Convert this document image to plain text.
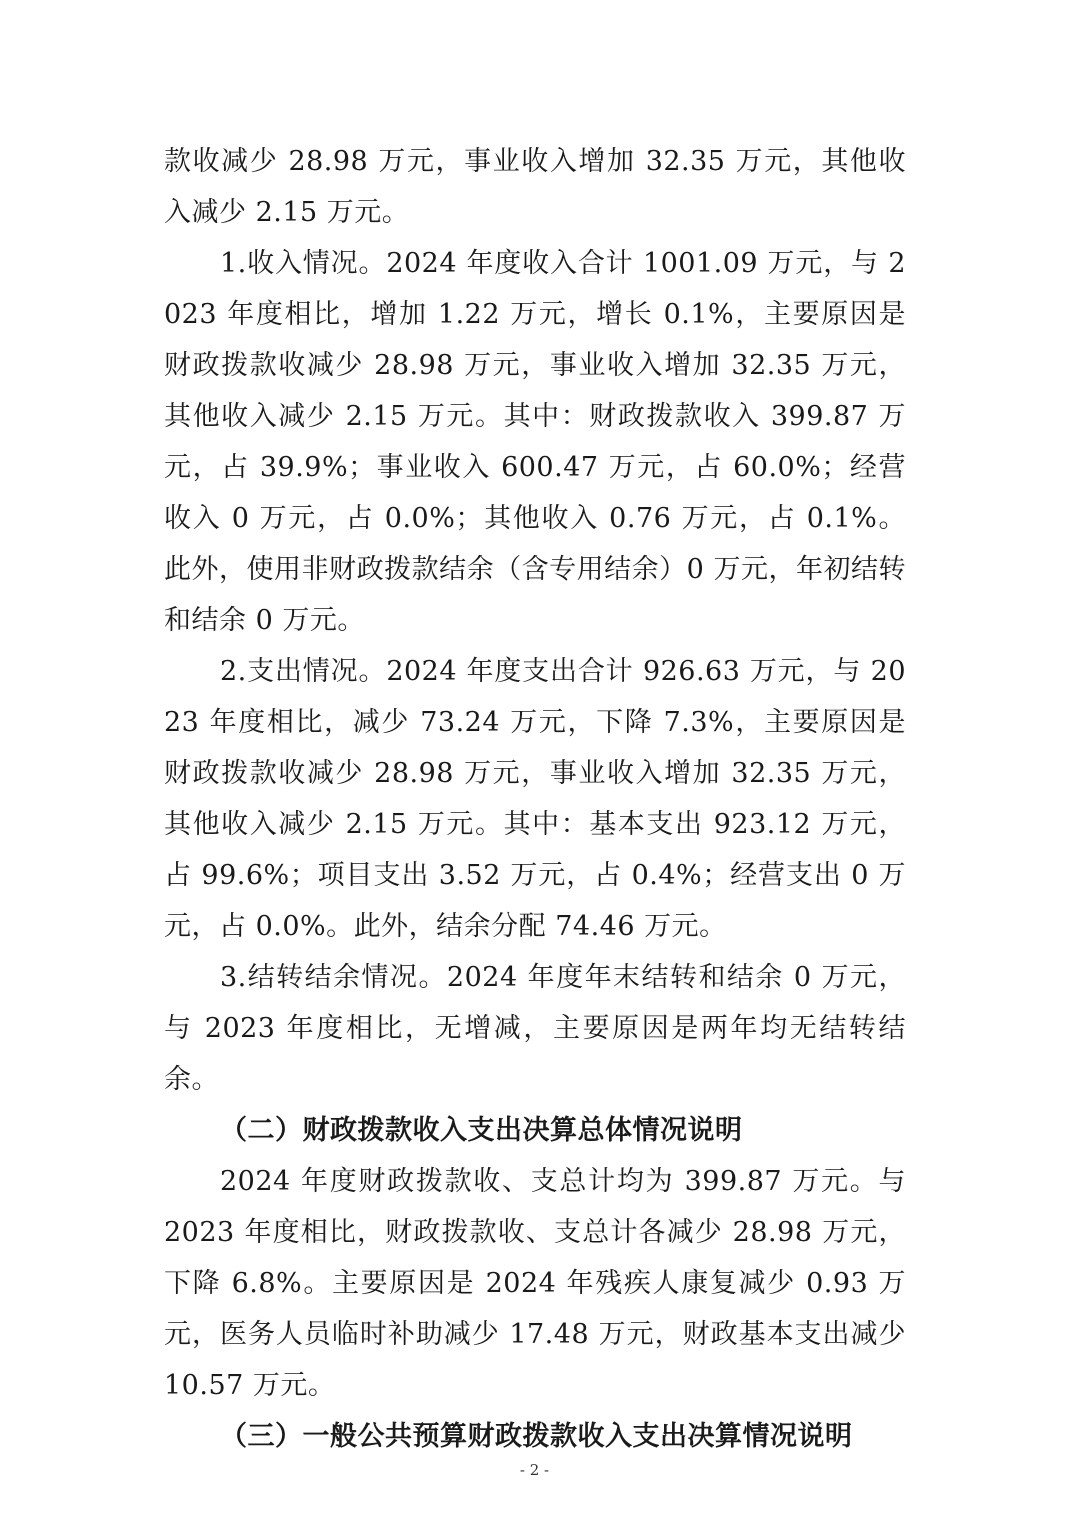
款收减少 28.98 万元，事业收入增加 32.35 万元，其他收入减少 2.15 万元。

1.收入情况。2024 年度收入合计 1001.09 万元，与 2023 年度相比，增加 1.22 万元，增长 0.1%，主要原因是财政拨款收减少 28.98 万元，事业收入增加 32.35 万元，其他收入减少 2.15 万元。其中：财政拨款收入 399.87 万元，占 39.9%；事业收入 600.47 万元，占 60.0%；经营收入 0 万元，占 0.0%；其他收入 0.76 万元，占 0.1%。此外，使用非财政拨款结余（含专用结余）0 万元，年初结转和结余 0 万元。

2.支出情况。2024 年度支出合计 926.63 万元，与 2023 年度相比，减少 73.24 万元，下降 7.3%，主要原因是财政拨款收减少 28.98 万元，事业收入增加 32.35 万元，其他收入减少 2.15 万元。其中：基本支出 923.12 万元，占 99.6%；项目支出 3.52 万元，占 0.4%；经营支出 0 万元，占 0.0%。此外，结余分配 74.46 万元。

3.结转结余情况。2024 年度年末结转和结余 0 万元，与 2023 年度相比，无增减，主要原因是两年均无结转结余。

（二）财政拨款收入支出决算总体情况说明

2024 年度财政拨款收、支总计均为 399.87 万元。与 2023 年度相比，财政拨款收、支总计各减少 28.98 万元，下降 6.8%。主要原因是 2024 年残疾人康复减少 0.93 万元，医务人员临时补助减少 17.48 万元，财政基本支出减少 10.57 万元。

（三）一般公共预算财政拨款收入支出决算情况说明

- 2 -
